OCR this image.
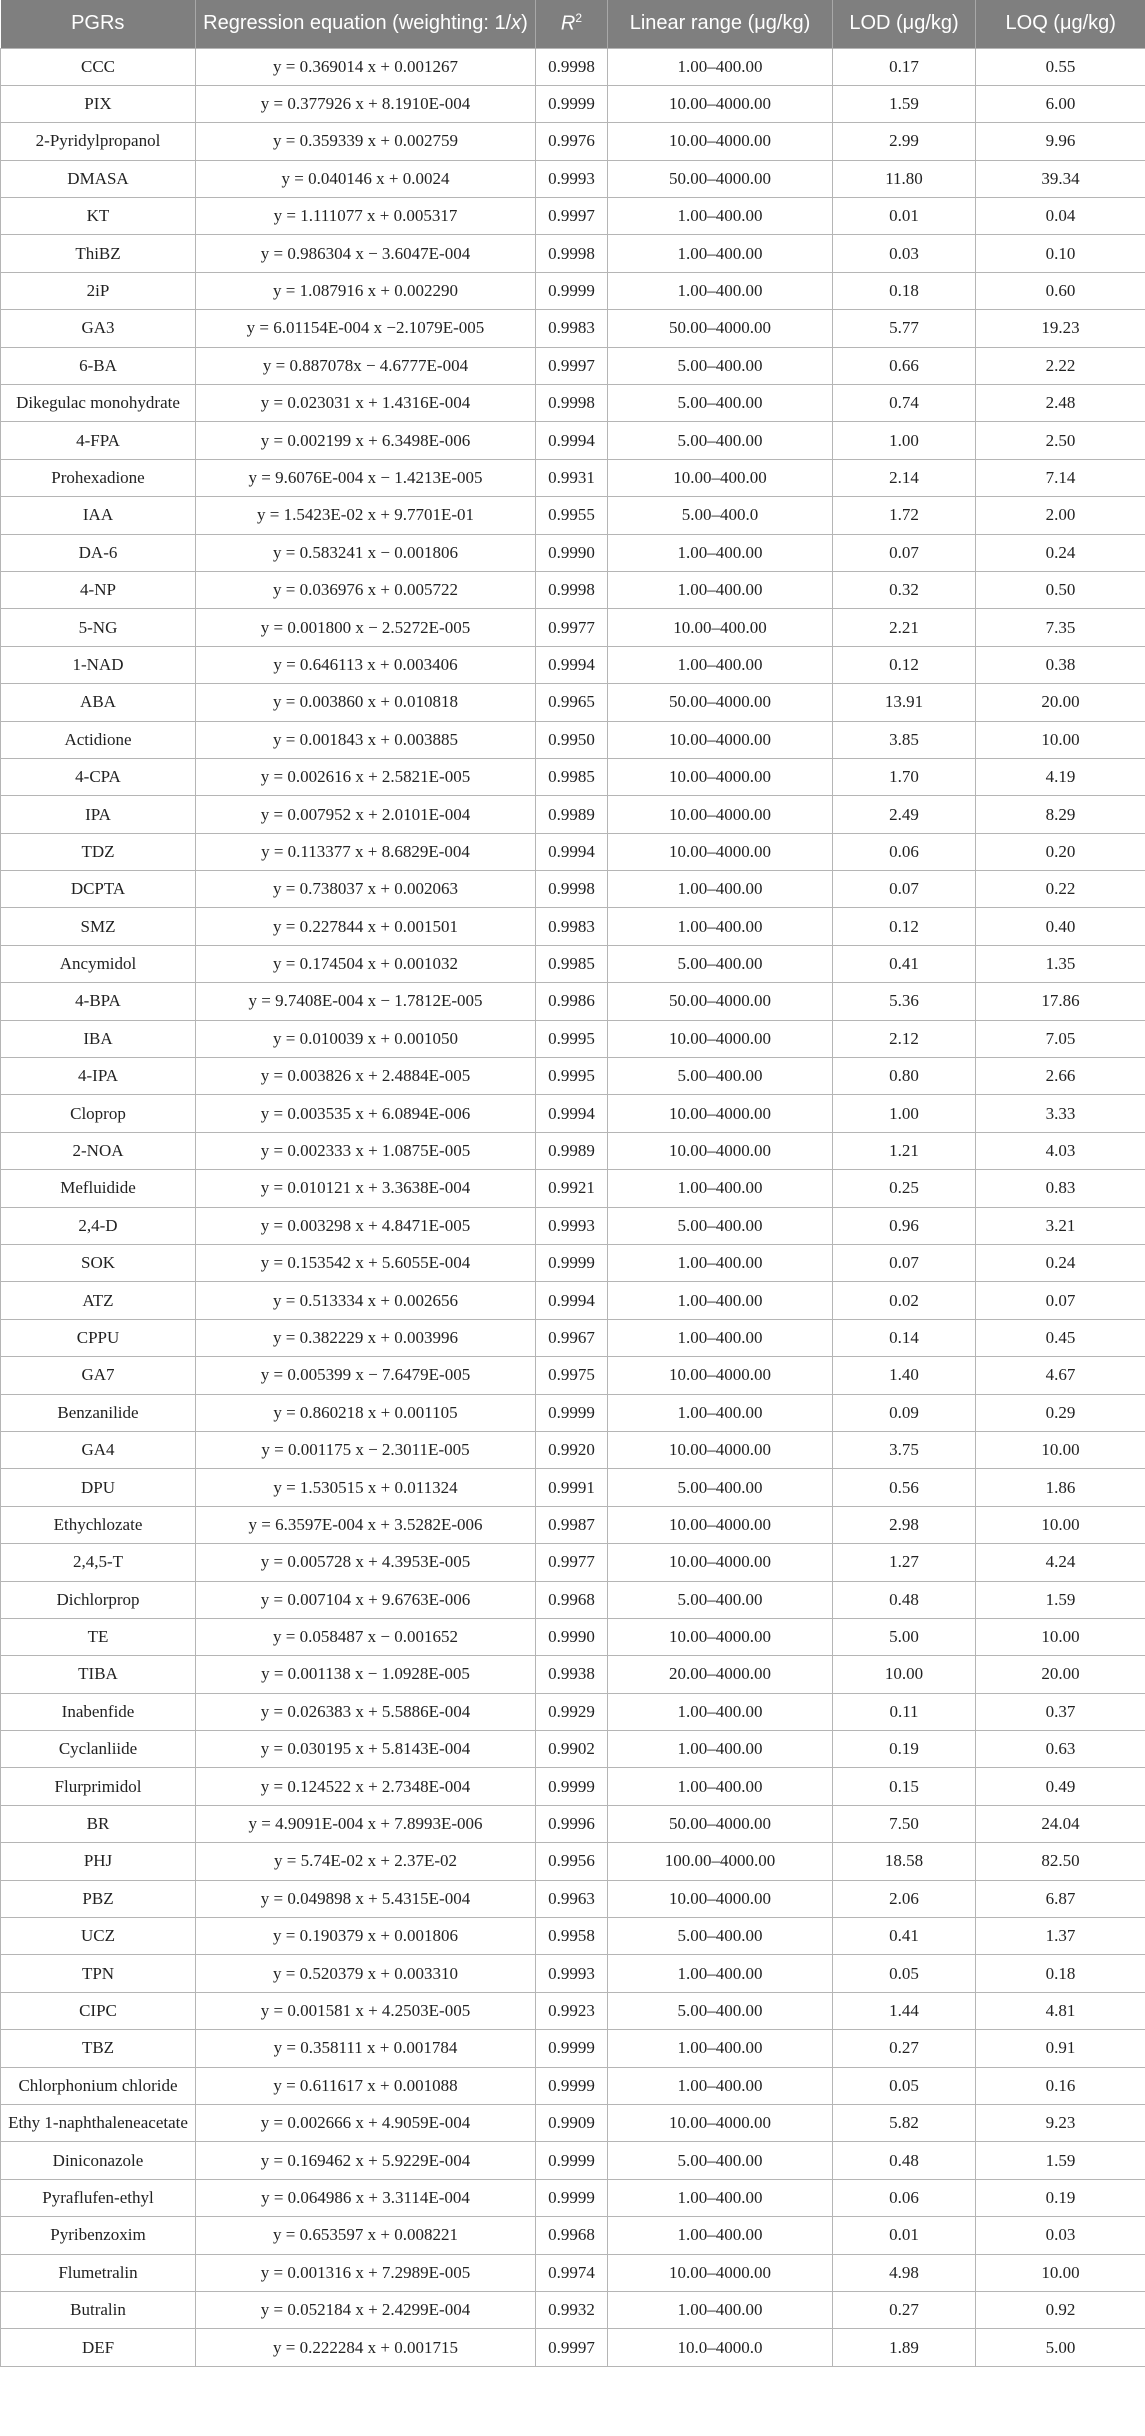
PGRs	Regression equation (weighting: 1/x)	$R^2$	Linear range (μg/kg)	LOD (μg/kg)	LOQ (μg/kg)
CCC	y = 0.369014 x + 0.001267	0.9998	1.00–400.00	0.17	0.55
PIX	y = 0.377926 x + 8.1910E-004	0.9999	10.00–4000.00	1.59	6.00
2-Pyridylpropanol	y = 0.359339 x + 0.002759	0.9976	10.00–4000.00	2.99	9.96
DMASA	y = 0.040146 x + 0.0024	0.9993	50.00–4000.00	11.80	39.34
KT	y = 1.111077 x + 0.005317	0.9997	1.00–400.00	0.01	0.04
ThiBZ	y = 0.986304 x − 3.6047E-004	0.9998	1.00–400.00	0.03	0.10
2iP	y = 1.087916 x + 0.002290	0.9999	1.00–400.00	0.18	0.60
GA3	y = 6.01154E-004 x −2.1079E-005	0.9983	50.00–4000.00	5.77	19.23
6-BA	y = 0.887078x − 4.6777E-004	0.9997	5.00–400.00	0.66	2.22
Dikegulac monohydrate	y = 0.023031 x + 1.4316E-004	0.9998	5.00–400.00	0.74	2.48
4-FPA	y = 0.002199 x + 6.3498E-006	0.9994	5.00–400.00	1.00	2.50
Prohexadione	y = 9.6076E-004 x − 1.4213E-005	0.9931	10.00–400.00	2.14	7.14
IAA	y = 1.5423E-02 x + 9.7701E-01	0.9955	5.00–400.0	1.72	2.00
DA-6	y = 0.583241 x − 0.001806	0.9990	1.00–400.00	0.07	0.24
4-NP	y = 0.036976 x + 0.005722	0.9998	1.00–400.00	0.32	0.50
5-NG	y = 0.001800 x − 2.5272E-005	0.9977	10.00–400.00	2.21	7.35
1-NAD	y = 0.646113 x + 0.003406	0.9994	1.00–400.00	0.12	0.38
ABA	y = 0.003860 x + 0.010818	0.9965	50.00–4000.00	13.91	20.00
Actidione	y = 0.001843 x + 0.003885	0.9950	10.00–4000.00	3.85	10.00
4-CPA	y = 0.002616 x + 2.5821E-005	0.9985	10.00–4000.00	1.70	4.19
IPA	y = 0.007952 x + 2.0101E-004	0.9989	10.00–4000.00	2.49	8.29
TDZ	y = 0.113377 x + 8.6829E-004	0.9994	10.00–4000.00	0.06	0.20
DCPTA	y = 0.738037 x + 0.002063	0.9998	1.00–400.00	0.07	0.22
SMZ	y = 0.227844 x + 0.001501	0.9983	1.00–400.00	0.12	0.40
Ancymidol	y = 0.174504 x + 0.001032	0.9985	5.00–400.00	0.41	1.35
4-BPA	y = 9.7408E-004 x − 1.7812E-005	0.9986	50.00–4000.00	5.36	17.86
IBA	y = 0.010039 x + 0.001050	0.9995	10.00–4000.00	2.12	7.05
4-IPA	y = 0.003826 x + 2.4884E-005	0.9995	5.00–400.00	0.80	2.66
Cloprop	y = 0.003535 x + 6.0894E-006	0.9994	10.00–4000.00	1.00	3.33
2-NOA	y = 0.002333 x + 1.0875E-005	0.9989	10.00–4000.00	1.21	4.03
Mefluidide	y = 0.010121 x + 3.3638E-004	0.9921	1.00–400.00	0.25	0.83
2,4-D	y = 0.003298 x + 4.8471E-005	0.9993	5.00–400.00	0.96	3.21
SOK	y = 0.153542 x + 5.6055E-004	0.9999	1.00–400.00	0.07	0.24
ATZ	y = 0.513334 x + 0.002656	0.9994	1.00–400.00	0.02	0.07
CPPU	y = 0.382229 x + 0.003996	0.9967	1.00–400.00	0.14	0.45
GA7	y = 0.005399 x − 7.6479E-005	0.9975	10.00–4000.00	1.40	4.67
Benzanilide	y = 0.860218 x + 0.001105	0.9999	1.00–400.00	0.09	0.29
GA4	y = 0.001175 x − 2.3011E-005	0.9920	10.00–4000.00	3.75	10.00
DPU	y = 1.530515 x + 0.011324	0.9991	5.00–400.00	0.56	1.86
Ethychlozate	y = 6.3597E-004 x + 3.5282E-006	0.9987	10.00–4000.00	2.98	10.00
2,4,5-T	y = 0.005728 x + 4.3953E-005	0.9977	10.00–4000.00	1.27	4.24
Dichlorprop	y = 0.007104 x + 9.6763E-006	0.9968	5.00–400.00	0.48	1.59
TE	y = 0.058487 x − 0.001652	0.9990	10.00–4000.00	5.00	10.00
TIBA	y = 0.001138 x − 1.0928E-005	0.9938	20.00–4000.00	10.00	20.00
Inabenfide	y = 0.026383 x + 5.5886E-004	0.9929	1.00–400.00	0.11	0.37
Cyclanliide	y = 0.030195 x + 5.8143E-004	0.9902	1.00–400.00	0.19	0.63
Flurprimidol	y = 0.124522 x + 2.7348E-004	0.9999	1.00–400.00	0.15	0.49
BR	y = 4.9091E-004 x + 7.8993E-006	0.9996	50.00–4000.00	7.50	24.04
PHJ	y = 5.74E-02 x + 2.37E-02	0.9956	100.00–4000.00	18.58	82.50
PBZ	y = 0.049898 x + 5.4315E-004	0.9963	10.00–4000.00	2.06	6.87
UCZ	y = 0.190379 x + 0.001806	0.9958	5.00–400.00	0.41	1.37
TPN	y = 0.520379 x + 0.003310	0.9993	1.00–400.00	0.05	0.18
CIPC	y = 0.001581 x + 4.2503E-005	0.9923	5.00–400.00	1.44	4.81
TBZ	y = 0.358111 x + 0.001784	0.9999	1.00–400.00	0.27	0.91
Chlorphonium chloride	y = 0.611617 x + 0.001088	0.9999	1.00–400.00	0.05	0.16
Ethy 1-naphthaleneacetate	y = 0.002666 x + 4.9059E-004	0.9909	10.00–4000.00	5.82	9.23
Diniconazole	y = 0.169462 x + 5.9229E-004	0.9999	5.00–400.00	0.48	1.59
Pyraflufen-ethyl	y = 0.064986 x + 3.3114E-004	0.9999	1.00–400.00	0.06	0.19
Pyribenzoxim	y = 0.653597 x + 0.008221	0.9968	1.00–400.00	0.01	0.03
Flumetralin	y = 0.001316 x + 7.2989E-005	0.9974	10.00–4000.00	4.98	10.00
Butralin	y = 0.052184 x + 2.4299E-004	0.9932	1.00–400.00	0.27	0.92
DEF	y = 0.222284 x + 0.001715	0.9997	10.0–4000.0	1.89	5.00
